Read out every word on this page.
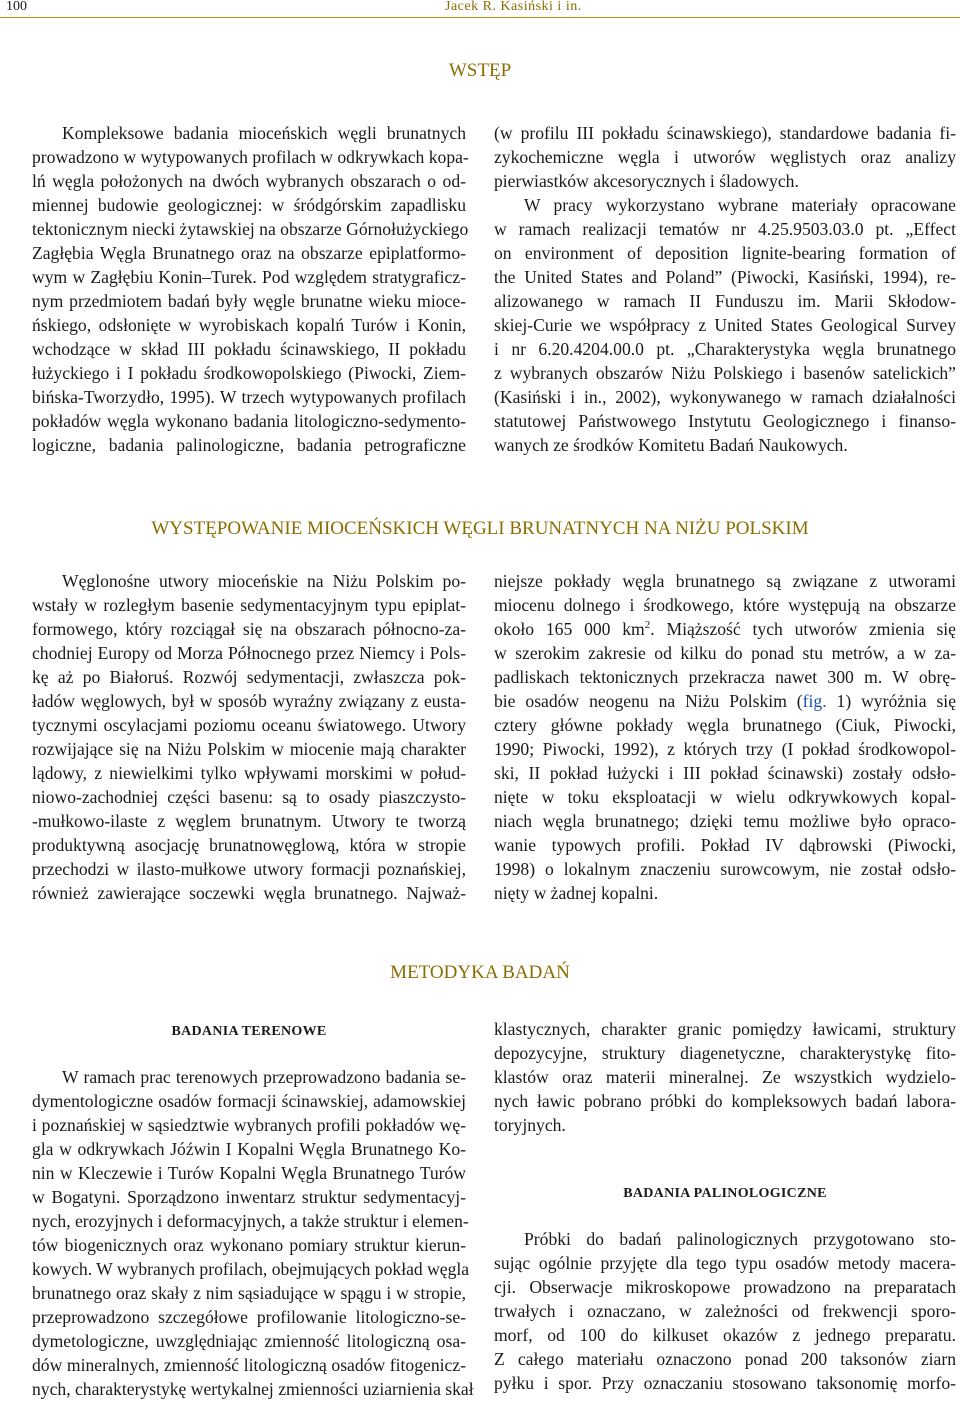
100	Jacek R. Kasiński i in.
WSTĘP

Kompleksowe badania mioceńskich węgli brunatnych
prowadzono w wytypowanych profilach w odkrywkach kopa-
lń węgla położonych na dwóch wybranych obszarach o od-
miennej budowie geologicznej: w śródgórskim zapadlisku
tektonicznym niecki żytawskiej na obszarze Górnołużyckiego
Zagłębia Węgla Brunatnego oraz na obszarze epiplatformo-
wym w Zagłębiu Konin–Turek. Pod względem stratygraficz-
nym przedmiotem badań były węgle brunatne wieku mioce-
ńskiego, odsłonięte w wyrobiskach kopalń Turów i Konin,
wchodzące w skład III pokładu ścinawskiego, II pokładu
łużyckiego i I pokładu środkowopolskiego (Piwocki, Ziem-
bińska-Tworzydło, 1995). W trzech wytypowanych profilach
pokładów węgla wykonano badania litologiczno-sedymento-
logiczne, badania palinologiczne, badania petrograficzne

(w profilu III pokładu ścinawskiego), standardowe badania fi-
zykochemiczne węgla i utworów węglistych oraz analizy
pierwiastków akcesorycznych i śladowych.

W pracy wykorzystano wybrane materiały opracowane
w ramach realizacji tematów nr 4.25.9503.03.0 pt. „Effect
on environment of deposition lignite-bearing formation of
the United States and Poland” (Piwocki, Kasiński, 1994), re-
alizowanego w ramach II Funduszu im. Marii Skłodow-
skiej-Curie we współpracy z United States Geological Survey
i nr 6.20.4204.00.0 pt. „Charakterystyka węgla brunatnego
z wybranych obszarów Niżu Polskiego i basenów satelickich”
(Kasiński i in., 2002), wykonywanego w ramach działalności
statutowej Państwowego Instytutu Geologicznego i finanso-
wanych ze środków Komitetu Badań Naukowych.

WYSTĘPOWANIE MIOCEŃSKICH WĘGLI BRUNATNYCH NA NIŻU POLSKIM

Węglonośne utwory mioceńskie na Niżu Polskim po-
wstały w rozległym basenie sedymentacyjnym typu epiplat-
formowego, który rozciągał się na obszarach północno-za-
chodniej Europy od Morza Północnego przez Niemcy i Pols-
kę aż po Białoruś. Rozwój sedymentacji, zwłaszcza pok-
ładów węglowych, był w sposób wyraźny związany z eusta-
tycznymi oscylacjami poziomu oceanu światowego. Utwory
rozwijające się na Niżu Polskim w miocenie mają charakter
lądowy, z niewielkimi tylko wpływami morskimi w połud-
niowo-zachodniej części basenu: są to osady piaszczysto-
-mułkowo-ilaste z węglem brunatnym. Utwory te tworzą
produktywną asocjację brunatnowęglową, która w stropie
przechodzi w ilasto-mułkowe utwory formacji poznańskiej,
również zawierające soczewki węgla brunatnego. Najważ-

niejsze pokłady węgla brunatnego są związane z utworami
miocenu dolnego i środkowego, które występują na obszarze
około 165 000 $km^2$. Miąższość tych utworów zmienia się
w szerokim zakresie od kilku do ponad stu metrów, a w za-
padliskach tektonicznych przekracza nawet 300 m. W obrę-
bie osadów neogenu na Niżu Polskim (fig. 1) wyróżnia się
cztery główne pokłady węgla brunatnego (Ciuk, Piwocki,
1990; Piwocki, 1992), z których trzy (I pokład środkowopol-
ski, II pokład łużycki i III pokład ścinawski) zostały odsło-
nięte w toku eksploatacji w wielu odkrywkowych kopal-
niach węgla brunatnego; dzięki temu możliwe było opraco-
wanie typowych profili. Pokład IV dąbrowski (Piwocki,
1998) o lokalnym znaczeniu surowcowym, nie został odsło-
nięty w żadnej kopalni.

METODYKA BADAŃ
BADANIA TERENOWE

W ramach prac terenowych przeprowadzono badania se-
dymentologiczne osadów formacji ścinawskiej, adamowskiej
i poznańskiej w sąsiedztwie wybranych profili pokładów wę-
gla w odkrywkach Jóźwin I Kopalni Węgla Brunatnego Ko-
nin w Kleczewie i Turów Kopalni Węgla Brunatnego Turów
w Bogatyni. Sporządzono inwentarz struktur sedymentacyj-
nych, erozyjnych i deformacyjnych, a także struktur i elemen-
tów biogenicznych oraz wykonano pomiary struktur kierun-
kowych. W wybranych profilach, obejmujących pokład węgla
brunatnego oraz skały z nim sąsiadujące w spągu i w stropie,
przeprowadzono szczegółowe profilowanie litologiczno-se-
dymetologiczne, uwzględniając zmienność litologiczną osa-
dów mineralnych, zmienność litologiczną osadów fitogenicz-
nych, charakterystykę wertykalnej zmienności uziarnienia skał

klastycznych, charakter granic pomiędzy ławicami, struktury
depozycyjne, struktury diagenetyczne, charakterystykę fito-
klastów oraz materii mineralnej. Ze wszystkich wydzielo-
nych ławic pobrano próbki do kompleksowych badań labora-
toryjnych.

BADANIA PALINOLOGICZNE

Próbki do badań palinologicznych przygotowano sto-
sując ogólnie przyjęte dla tego typu osadów metody macera-
cji. Obserwacje mikroskopowe prowadzono na preparatach
trwałych i oznaczano, w zależności od frekwencji sporo-
morf, od 100 do kilkuset okazów z jednego preparatu.
Z całego materiału oznaczono ponad 200 taksonów ziarn
pyłku i spor. Przy oznaczaniu stosowano taksonomię morfo-
